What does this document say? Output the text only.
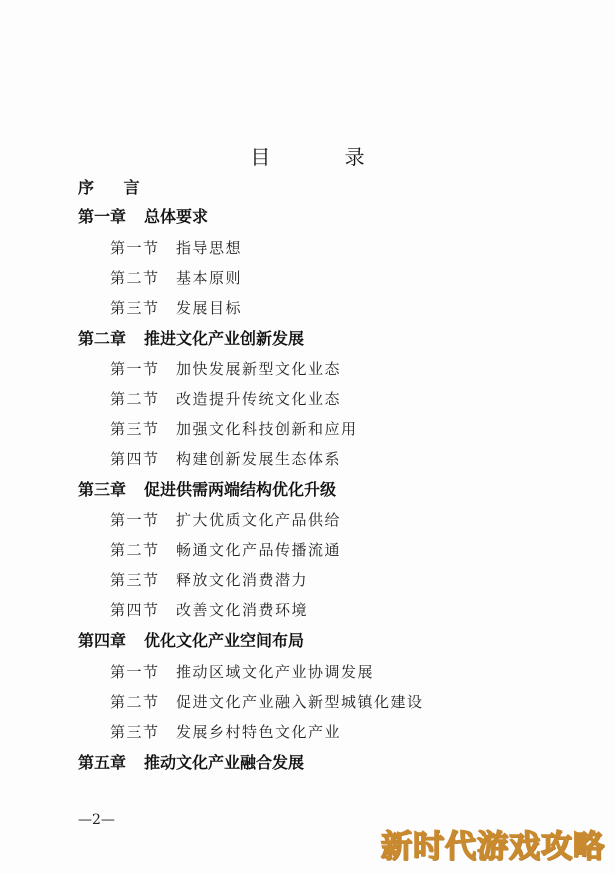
目 录
序 言
第一章 总体要求
第一节 指导思想
第二节 基本原则
第三节 发展目标
第二章 推进文化产业创新发展
第一节 加快发展新型文化业态
第二节 改造提升传统文化业态
第三节 加强文化科技创新和应用
第四节 构建创新发展生态体系
第三章 促进供需两端结构优化升级
第一节 扩大优质文化产品供给
第二节 畅通文化产品传播流通
第三节 释放文化消费潜力
第四节 改善文化消费环境
第四章 优化文化产业空间布局
第一节 推动区域文化产业协调发展
第二节 促进文化产业融入新型城镇化建设
第三节 发展乡村特色文化产业
第五章 推动文化产业融合发展
—2—
新时代游戏攻略
